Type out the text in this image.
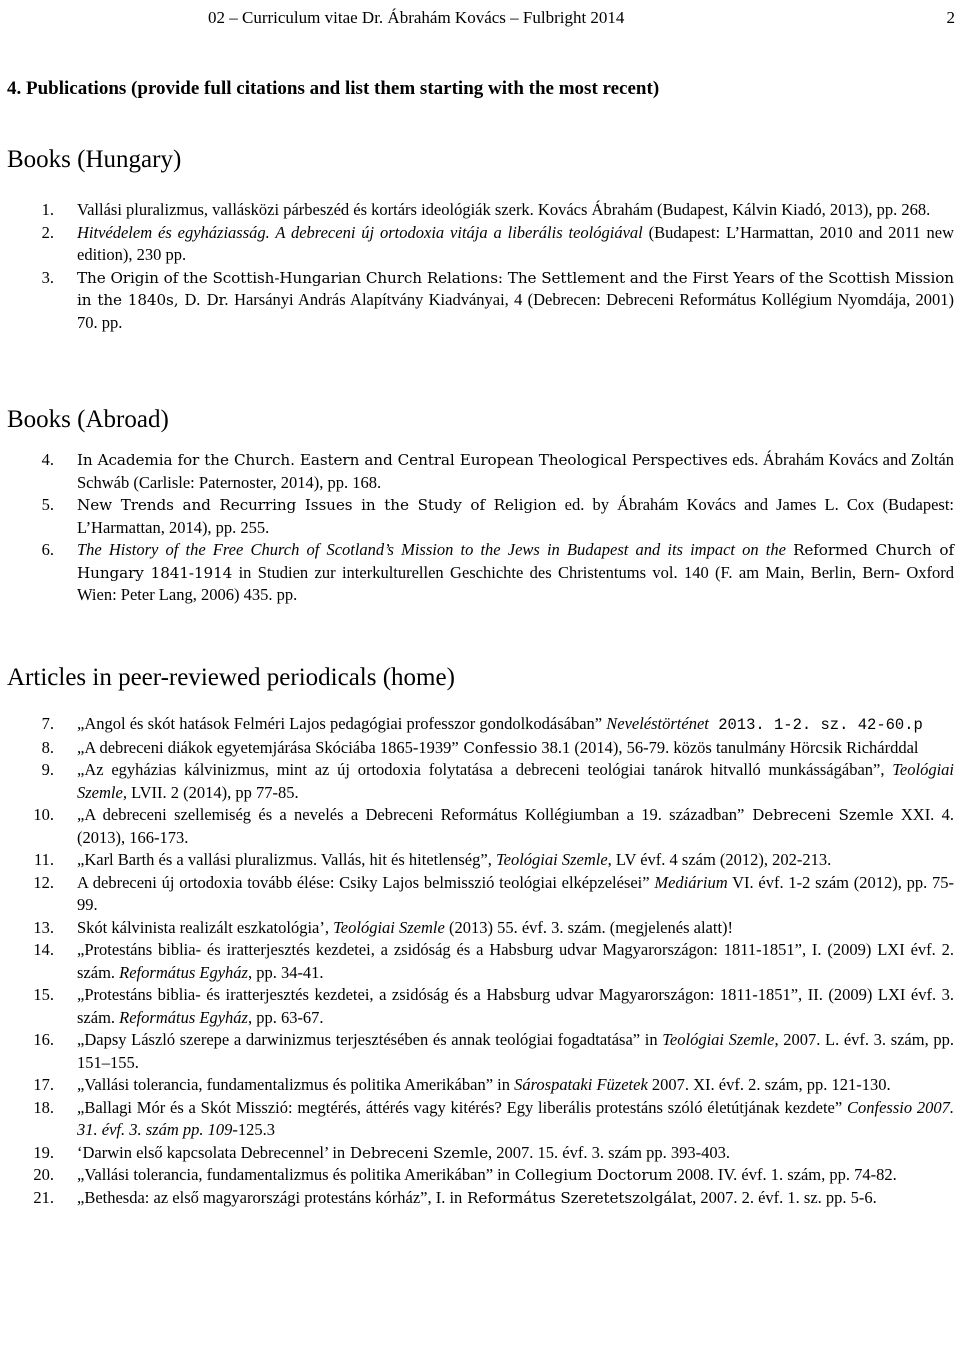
02 – Curriculum vitae Dr. Ábrahám Kovács – Fulbright 2014	2
4. Publications (provide full citations and list them starting with the most recent)
Books (Hungary)
1. Vallási pluralizmus, vallásközi párbeszéd és kortárs ideológiák szerk. Kovács Ábrahám (Budapest, Kálvin Kiadó, 2013), pp. 268.
2. Hitvédelem és egyháziasság. A debreceni új ortodoxia vitája a liberális teológiával (Budapest: L’Harmattan, 2010 and 2011 new edition), 230 pp.
3. The Origin of the Scottish-Hungarian Church Relations: The Settlement and the First Years of the Scottish Mission in the 1840s, D. Dr. Harsányi András Alapítvány Kiadványai, 4 (Debrecen: Debreceni Református Kollégium Nyomdája, 2001) 70. pp.
Books (Abroad)
4. In Academia for the Church. Eastern and Central European Theological Perspectives eds. Ábrahám Kovács and Zoltán Schwáb (Carlisle: Paternoster, 2014), pp. 168.
5. New Trends and Recurring Issues in the Study of Religion ed. by Ábrahám Kovács and James L. Cox (Budapest: L’Harmattan, 2014), pp. 255.
6. The History of the Free Church of Scotland’s Mission to the Jews in Budapest and its impact on the Reformed Church of Hungary 1841-1914 in Studien zur interkulturellen Geschichte des Christentums vol. 140 (F. am Main, Berlin, Bern- Oxford Wien: Peter Lang, 2006) 435. pp.
Articles in peer-reviewed periodicals (home)
7. „Angol és skót hatások Felméri Lajos pedagógiai professzor gondolkodásában” Neveléstörténet 2013. 1-2. sz. 42-60.p
8. „A debreceni diákok egyetemjárása Skóciába 1865-1939” Confessio 38.1 (2014), 56-79. közös tanulmány Hörcsik Richárddal
9. „Az egyházias kálvinizmus, mint az új ortodoxia folytatása a debreceni teológiai tanárok hitvalló munkásságában”, Teológiai Szemle, LVII. 2 (2014), pp 77-85.
10. „A debreceni szellemiség és a nevelés a Debreceni Református Kollégiumban a 19. században” Debreceni Szemle XXI. 4. (2013), 166-173.
11. „Karl Barth és a vallási pluralizmus. Vallás, hit és hitetlenség”, Teológiai Szemle, LV évf. 4 szám (2012), 202-213.
12. A debreceni új ortodoxia tovább élése: Csiky Lajos belmisszió teológiai elképzelései” Mediárium VI. évf. 1-2 szám (2012), pp. 75-99.
13. Skót kálvinista realizált eszkatológia’, Teológiai Szemle (2013) 55. évf. 3. szám. (megjelenés alatt)!
14. „Protestáns biblia- és iratterjesztés kezdetei, a zsidóság és a Habsburg udvar Magyarországon: 1811-1851”, I. (2009) LXI évf. 2. szám. Református Egyház, pp. 34-41.
15. „Protestáns biblia- és iratterjesztés kezdetei, a zsidóság és a Habsburg udvar Magyarországon: 1811-1851”, II. (2009) LXI évf. 3. szám. Református Egyház, pp. 63-67.
16. „Dapsy László szerepe a darwinizmus terjesztésében és annak teológiai fogadtatása” in Teológiai Szemle, 2007. L. évf. 3. szám, pp. 151–155.
17. „Vallási tolerancia, fundamentalizmus és politika Amerikában” in Sárospataki Füzetek 2007. XI. évf. 2. szám, pp. 121-130.
18. „Ballagi Mór és a Skót Misszió: megtérés, áttérés vagy kitérés? Egy liberális protestáns szóló életútjának kezdete” Confessio 2007. 31. évf. 3. szám pp. 109-125.3
19. ‘Darwin első kapcsolata Debrecennel’ in Debreceni Szemle, 2007. 15. évf. 3. szám pp. 393-403.
20. „Vallási tolerancia, fundamentalizmus és politika Amerikában” in Collegium Doctorum 2008. IV. évf. 1. szám, pp. 74-82.
21. „Bethesda: az első magyarországi protestáns kórház”, I. in Református Szeretetszolgálat, 2007. 2. évf. 1. sz. pp. 5-6.
